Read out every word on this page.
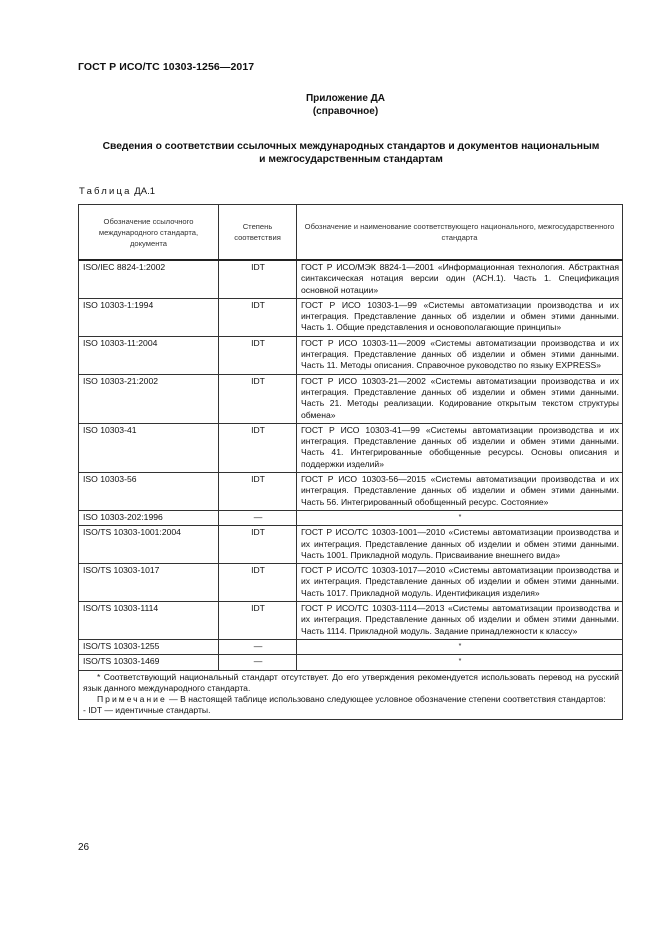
ГОСТ Р ИСО/ТС 10303-1256—2017
Приложение ДА
(справочное)
Сведения о соответствии ссылочных международных стандартов и документов национальным
и межгосударственным стандартам
Таблица ДА.1
Обозначение ссылочного международного стандарта, документа	Степень соответствия	Обозначение и наименование соответствующего национального, межгосударственного стандарта
ISO/IEC 8824-1:2002	IDT	ГОСТ Р ИСО/МЭК 8824-1—2001 «Информационная технология. Абстрактная синтаксическая нотация версии один (АСН.1). Часть 1. Спецификация основной нотации»
ISO 10303-1:1994	IDT	ГОСТ Р ИСО 10303-1—99 «Системы автоматизации производства и их интеграция. Представление данных об изделии и обмен этими данными. Часть 1. Общие представления и основополагающие принципы»
ISO 10303-11:2004	IDT	ГОСТ Р ИСО 10303-11—2009 «Системы автоматизации производства и их интеграция. Представление данных об изделии и обмен этими данными. Часть 11. Методы описания. Справочное руководство по языку EXPRESS»
ISO 10303-21:2002	IDT	ГОСТ Р ИСО 10303-21—2002 «Системы автоматизации производства и их интеграция. Представление данных об изделии и обмен этими данными. Часть 21. Методы реализации. Кодирование открытым текстом структуры обмена»
ISO 10303-41	IDT	ГОСТ Р ИСО 10303-41—99 «Системы автоматизации производства и их интеграция. Представление данных об изделии и обмен этими данными. Часть 41. Интегрированные обобщенные ресурсы. Основы описания и поддержки изделий»
ISO 10303-56	IDT	ГОСТ Р ИСО 10303-56—2015 «Системы автоматизации производства и их интеграция. Представление данных об изделии и обмен этими данными. Часть 56. Интегрированный обобщенный ресурс. Состояние»
ISO 10303-202:1996	—	*
ISO/TS 10303-1001:2004	IDT	ГОСТ Р ИСО/ТС 10303-1001—2010 «Системы автоматизации производства и их интеграция. Представление данных об изделии и обмен этими данными. Часть 1001. Прикладной модуль. Присваивание внешнего вида»
ISO/TS 10303-1017	IDT	ГОСТ Р ИСО/ТС 10303-1017—2010 «Системы автоматизации производства и их интеграция. Представление данных об изделии и обмен этими данными. Часть 1017. Прикладной модуль. Идентификация изделия»
ISO/TS 10303-1114	IDT	ГОСТ Р ИСО/ТС 10303-1114—2013 «Системы автоматизации производства и их интеграция. Представление данных об изделии и обмен этими данными. Часть 1114. Прикладной модуль. Задание принадлежности к классу»
ISO/TS 10303-1255	—	*
ISO/TS 10303-1469	—	*

* Соответствующий национальный стандарт отсутствует. До его утверждения рекомендуется использовать перевод на русский язык данного международного стандарта.
Примечание — В настоящей таблице использовано следующее условное обозначение степени соответствия стандартов:
- IDT — идентичные стандарты.		
26
